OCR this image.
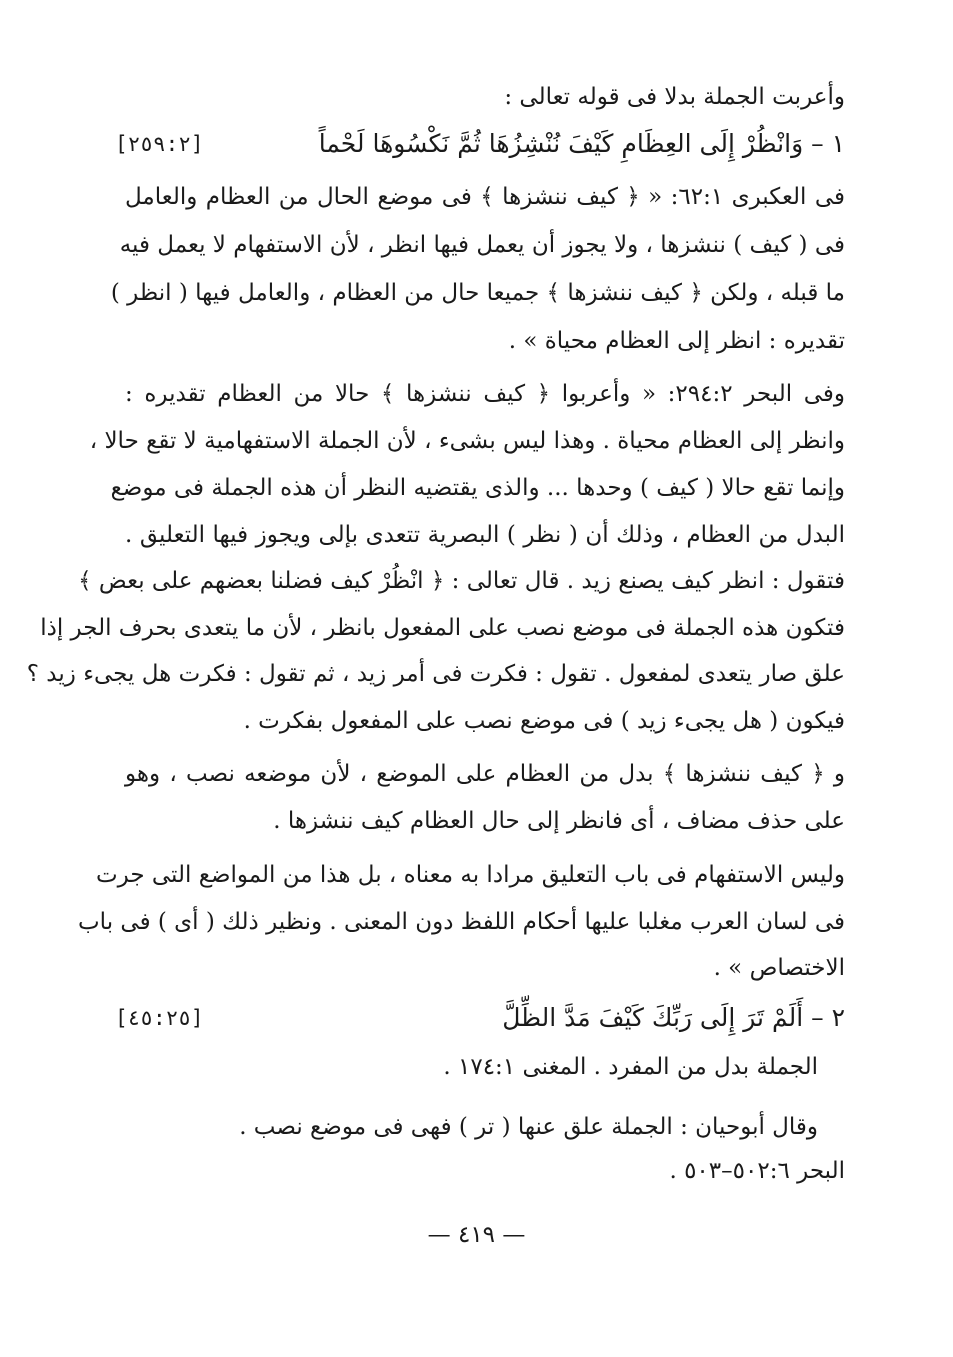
وأعربت الجملة بدلا فى قوله تعالى :
١ – وَانْظُرْ إِلَى العِظَامِ كَيْفَ نُنْشِزُهَا ثُمَّ نَكْسُوهَا لَحْماً
[٢٥٩:٢]
فى العكبرى ٦٢:١: « ﴿ كيف ننشزها ﴾ فى موضع الحال من العظام والعامل
فى ( كيف ) ننشزها ، ولا يجوز أن يعمل فيها انظر ، لأن الاستفهام لا يعمل فيه
ما قبله ، ولكن ﴿ كيف ننشزها ﴾ جميعا حال من العظام ، والعامل فيها ( انظر )
تقديره : انظر إلى العظام محياة » .
وفى البحر ٢٩٤:٢: « وأعربوا ﴿ كيف ننشزها ﴾ حالا من العظام تقديره :
وانظر إلى العظام محياة . وهذا ليس بشىء ، لأن الجملة الاستفهامية لا تقع حالا ،
وإنما تقع حالا ( كيف ) وحدها ... والذى يقتضيه النظر أن هذه الجملة فى موضع
البدل من العظام ، وذلك أن ( نظر ) البصرية تتعدى بإلى ويجوز فيها التعليق .
فتقول : انظر كيف يصنع زيد . قال تعالى : ﴿ انْظُرْ كيف فضلنا بعضهم على بعض ﴾
فتكون هذه الجملة فى موضع نصب على المفعول بانظر ، لأن ما يتعدى بحرف الجر إذا
علق صار يتعدى لمفعول . تقول : فكرت فى أمر زيد ، ثم تقول : فكرت هل يجىء زيد ؟
فيكون ( هل يجىء زيد ) فى موضع نصب على المفعول بفكرت .
و ﴿ كيف ننشزها ﴾ بدل من العظام على الموضع ، لأن موضعه نصب ، وهو
على حذف مضاف ، أى فانظر إلى حال العظام كيف ننشزها .
وليس الاستفهام فى باب التعليق مرادا به معناه ، بل هذا من المواضع التى جرت
فى لسان العرب مغلبا عليها أحكام اللفظ دون المعنى . ونظير ذلك ( أى ) فى باب
الاختصاص » .
٢ – أَلَمْ تَرَ إِلَى رَبِّكَ كَيْفَ مَدَّ الظِّلَّ
[٤٥:٢٥]
الجملة بدل من المفرد . المغنى ١٧٤:١ .
وقال أبوحيان : الجملة علق عنها ( تر ) فهى فى موضع نصب .
البحر ٥٠٢:٦–٥٠٣ .
— ٤١٩ —
